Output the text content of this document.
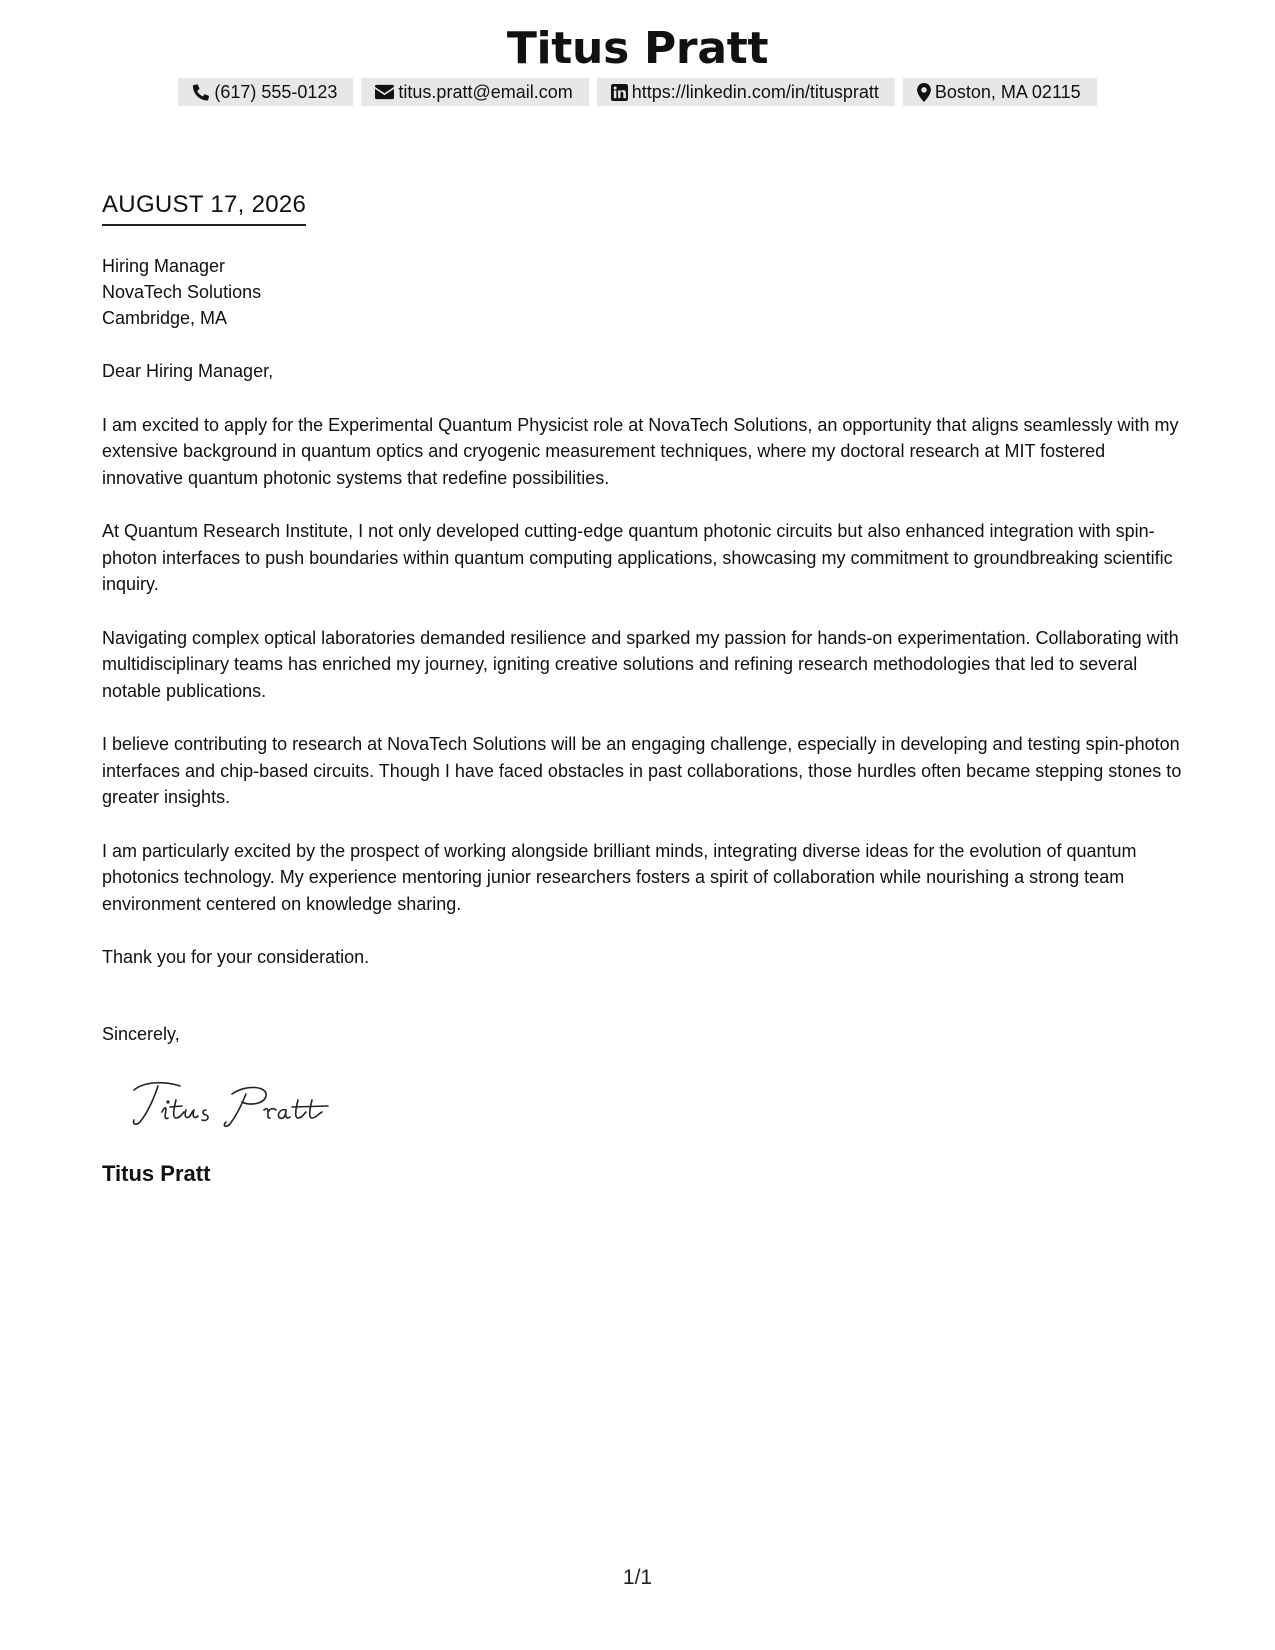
Titus Pratt
(617) 555-0123	titus.pratt@email.com	https://linkedin.com/in/tituspratt	Boston, MA 02115
AUGUST 17, 2026
Hiring Manager
NovaTech Solutions
Cambridge, MA

Dear Hiring Manager,

I am excited to apply for the Experimental Quantum Physicist role at NovaTech Solutions, an opportunity that aligns seamlessly with my extensive background in quantum optics and cryogenic measurement techniques, where my doctoral research at MIT fostered innovative quantum photonic systems that redefine possibilities.

At Quantum Research Institute, I not only developed cutting-edge quantum photonic circuits but also enhanced integration with spin-photon interfaces to push boundaries within quantum computing applications, showcasing my commitment to groundbreaking scientific inquiry.

Navigating complex optical laboratories demanded resilience and sparked my passion for hands-on experimentation. Collaborating with multidisciplinary teams has enriched my journey, igniting creative solutions and refining research methodologies that led to several notable publications.

I believe contributing to research at NovaTech Solutions will be an engaging challenge, especially in developing and testing spin-photon interfaces and chip-based circuits. Though I have faced obstacles in past collaborations, those hurdles often became stepping stones to greater insights.

I am particularly excited by the prospect of working alongside brilliant minds, integrating diverse ideas for the evolution of quantum photonics technology. My experience mentoring junior researchers fosters a spirit of collaboration while nourishing a strong team environment centered on knowledge sharing.

Thank you for your consideration.

Sincerely,
Titus Pratt
1/1
